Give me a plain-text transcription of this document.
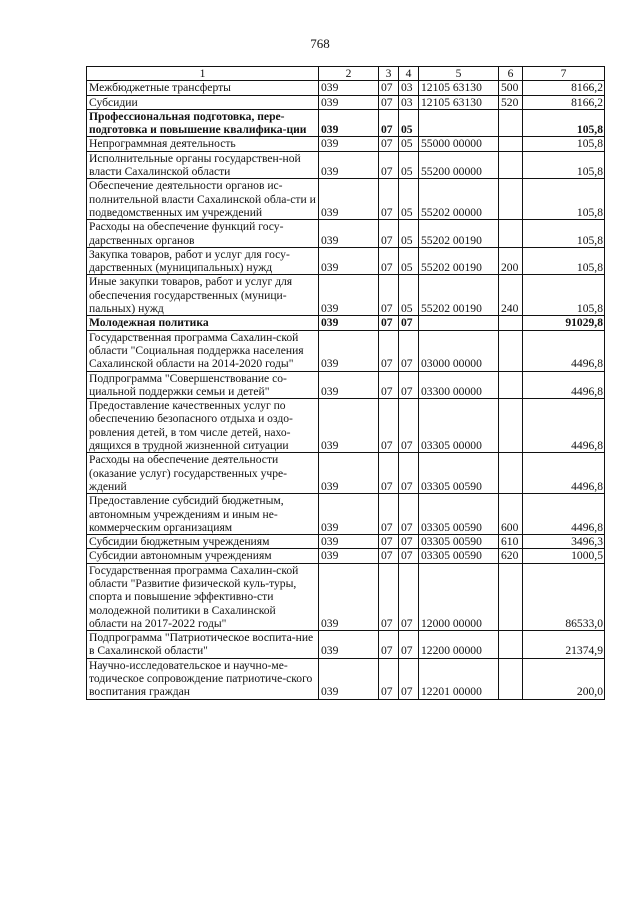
768
1	2	3	4	5	6	7
Межбюджетные трансферты	039	07	03	12105 63130	500	8166,2
Субсидии	039	07	03	12105 63130	520	8166,2
Профессиональная подготовка, пере-подготовка и повышение квалифика-ции	039	07	05			105,8
Непрограммная деятельность	039	07	05	55000 00000		105,8
Исполнительные органы государствен-ной власти Сахалинской области	039	07	05	55200 00000		105,8
Обеспечение деятельности органов ис-полнительной власти Сахалинской обла-сти и подведомственных им учреждений	039	07	05	55202 00000		105,8
Расходы на обеспечение функций госу-дарственных органов	039	07	05	55202 00190		105,8
Закупка товаров, работ и услуг для госу-дарственных (муниципальных) нужд	039	07	05	55202 00190	200	105,8
Иные закупки товаров, работ и услуг для обеспечения государственных (муници-пальных) нужд	039	07	05	55202 00190	240	105,8
Молодежная политика	039	07	07			91029,8
Государственная программа Сахалин-ской области "Социальная поддержка населения Сахалинской области на 2014-2020 годы"	039	07	07	03000 00000		4496,8
Подпрограмма "Совершенствование со-циальной поддержки семьи и детей"	039	07	07	03300 00000		4496,8
Предоставление качественных услуг по обеспечению безопасного отдыха и оздо-ровления детей, в том числе детей, нахо-дящихся в трудной жизненной ситуации	039	07	07	03305 00000		4496,8
Расходы на обеспечение деятельности (оказание услуг) государственных учре-ждений	039	07	07	03305 00590		4496,8
Предоставление субсидий бюджетным, автономным учреждениям и иным не-коммерческим организациям	039	07	07	03305 00590	600	4496,8
Субсидии бюджетным учреждениям	039	07	07	03305 00590	610	3496,3
Субсидии автономным учреждениям	039	07	07	03305 00590	620	1000,5
Государственная программа Сахалин-ской области "Развитие физической куль-туры, спорта и повышение эффективно-сти молодежной политики в Сахалинской области на 2017-2022 годы"	039	07	07	12000 00000		86533,0
Подпрограмма "Патриотическое воспита-ние в Сахалинской области"	039	07	07	12200 00000		21374,9
Научно-исследовательское и научно-ме-тодическое сопровождение патриотиче-ского воспитания граждан	039	07	07	12201 00000		200,0
